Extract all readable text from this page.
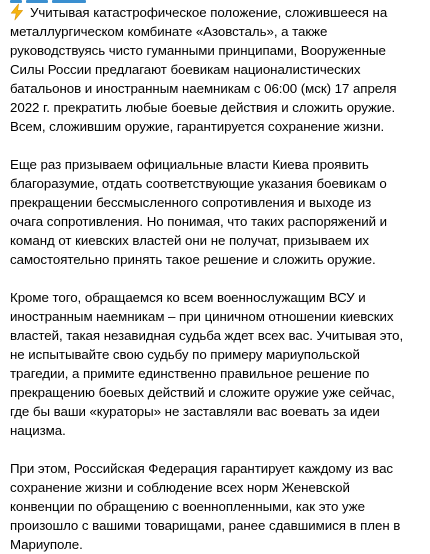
Учитывая катастрофическое положение, сложившееся на
металлургическом комбинате «Азовсталь», а также
руководствуясь чисто гуманными принципами, Вооруженные
Силы России предлагают боевикам националистических
батальонов и иностранным наемникам с 06:00 (мск) 17 апреля
2022 г. прекратить любые боевые действия и сложить оружие.
Всем, сложившим оружие, гарантируется сохранение жизни.

Еще раз призываем официальные власти Киева проявить
благоразумие, отдать соответствующие указания боевикам о
прекращении бессмысленного сопротивления и выходе из
очага сопротивления. Но понимая, что таких распоряжений и
команд от киевских властей они не получат, призываем их
самостоятельно принять такое решение и сложить оружие.

Кроме того, обращаемся ко всем военнослужащим ВСУ и
иностранным наемникам – при циничном отношении киевских
властей, такая незавидная судьба ждет всех вас. Учитывая это,
не испытывайте свою судьбу по примеру мариупольской
трагедии, а примите единственно правильное решение по
прекращению боевых действий и сложите оружие уже сейчас,
где бы ваши «кураторы» не заставляли вас воевать за идеи
нацизма.

При этом, Российская Федерация гарантирует каждому из вас
сохранение жизни и соблюдение всех норм Женевской
конвенции по обращению с военнопленными, как это уже
произошло с вашими товарищами, ранее сдавшимися в плен в
Мариуполе.
